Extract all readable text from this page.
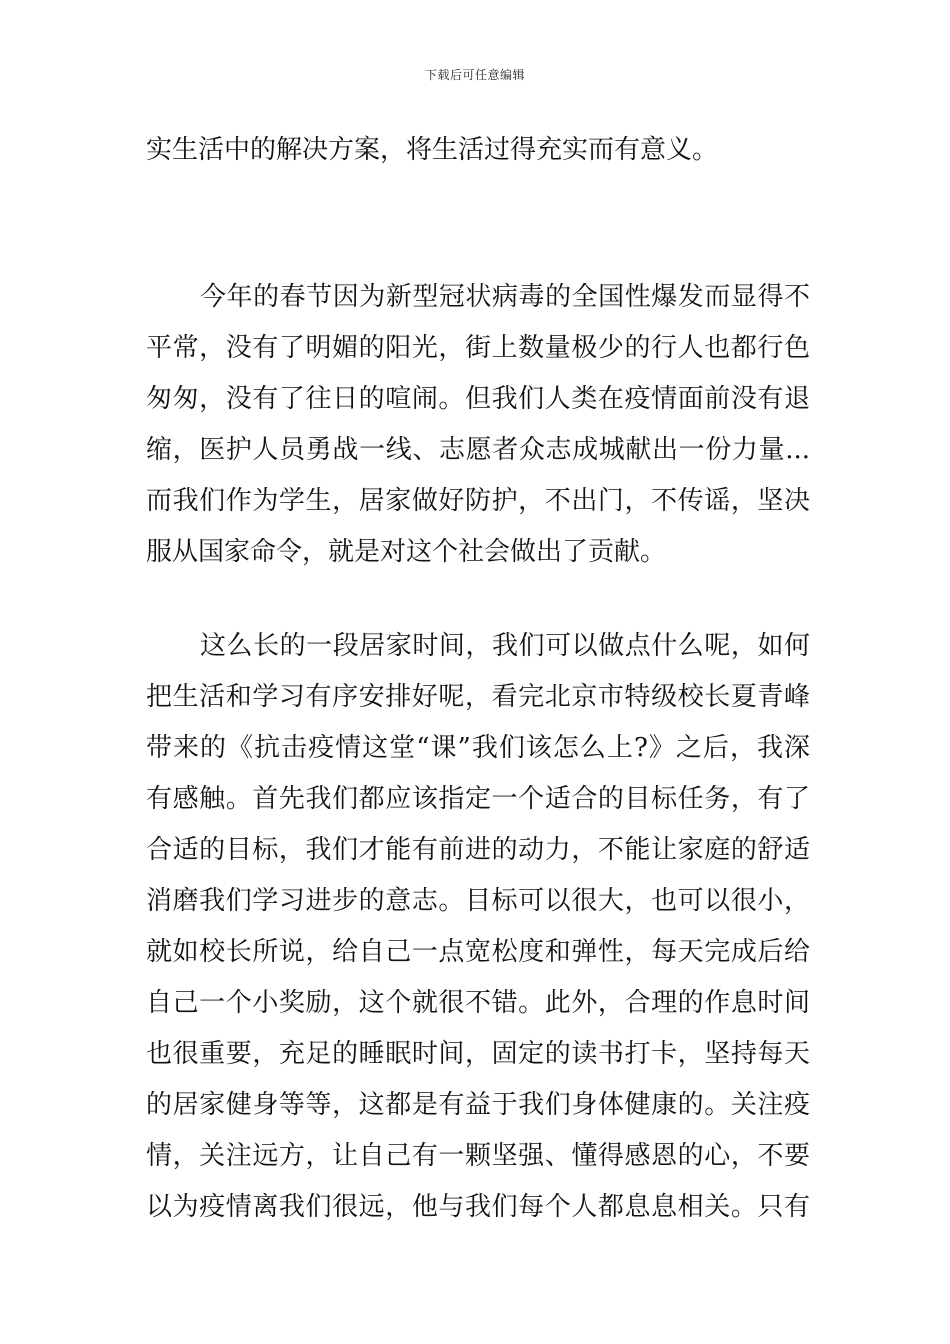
下载后可任意编辑
实生活中的解决方案，将生活过得充实而有意义。
今年的春节因为新型冠状病毒的全国性爆发而显得不
平常，没有了明媚的阳光，街上数量极少的行人也都行色
匆匆，没有了往日的喧闹。但我们人类在疫情面前没有退
缩，医护人员勇战一线、志愿者众志成城献出一份力量...
而我们作为学生，居家做好防护，不出门，不传谣，坚决
服从国家命令，就是对这个社会做出了贡献。
这么长的一段居家时间，我们可以做点什么呢，如何
把生活和学习有序安排好呢，看完北京市特级校长夏青峰
带来的《抗击疫情这堂“课”我们该怎么上?》之后，我深
有感触。首先我们都应该指定一个适合的目标任务，有了
合适的目标，我们才能有前进的动力，不能让家庭的舒适
消磨我们学习进步的意志。目标可以很大，也可以很小，
就如校长所说，给自己一点宽松度和弹性，每天完成后给
自己一个小奖励，这个就很不错。此外，合理的作息时间
也很重要，充足的睡眠时间，固定的读书打卡，坚持每天
的居家健身等等，这都是有益于我们身体健康的。关注疫
情，关注远方，让自己有一颗坚强、懂得感恩的心，不要
以为疫情离我们很远，他与我们每个人都息息相关。只有
